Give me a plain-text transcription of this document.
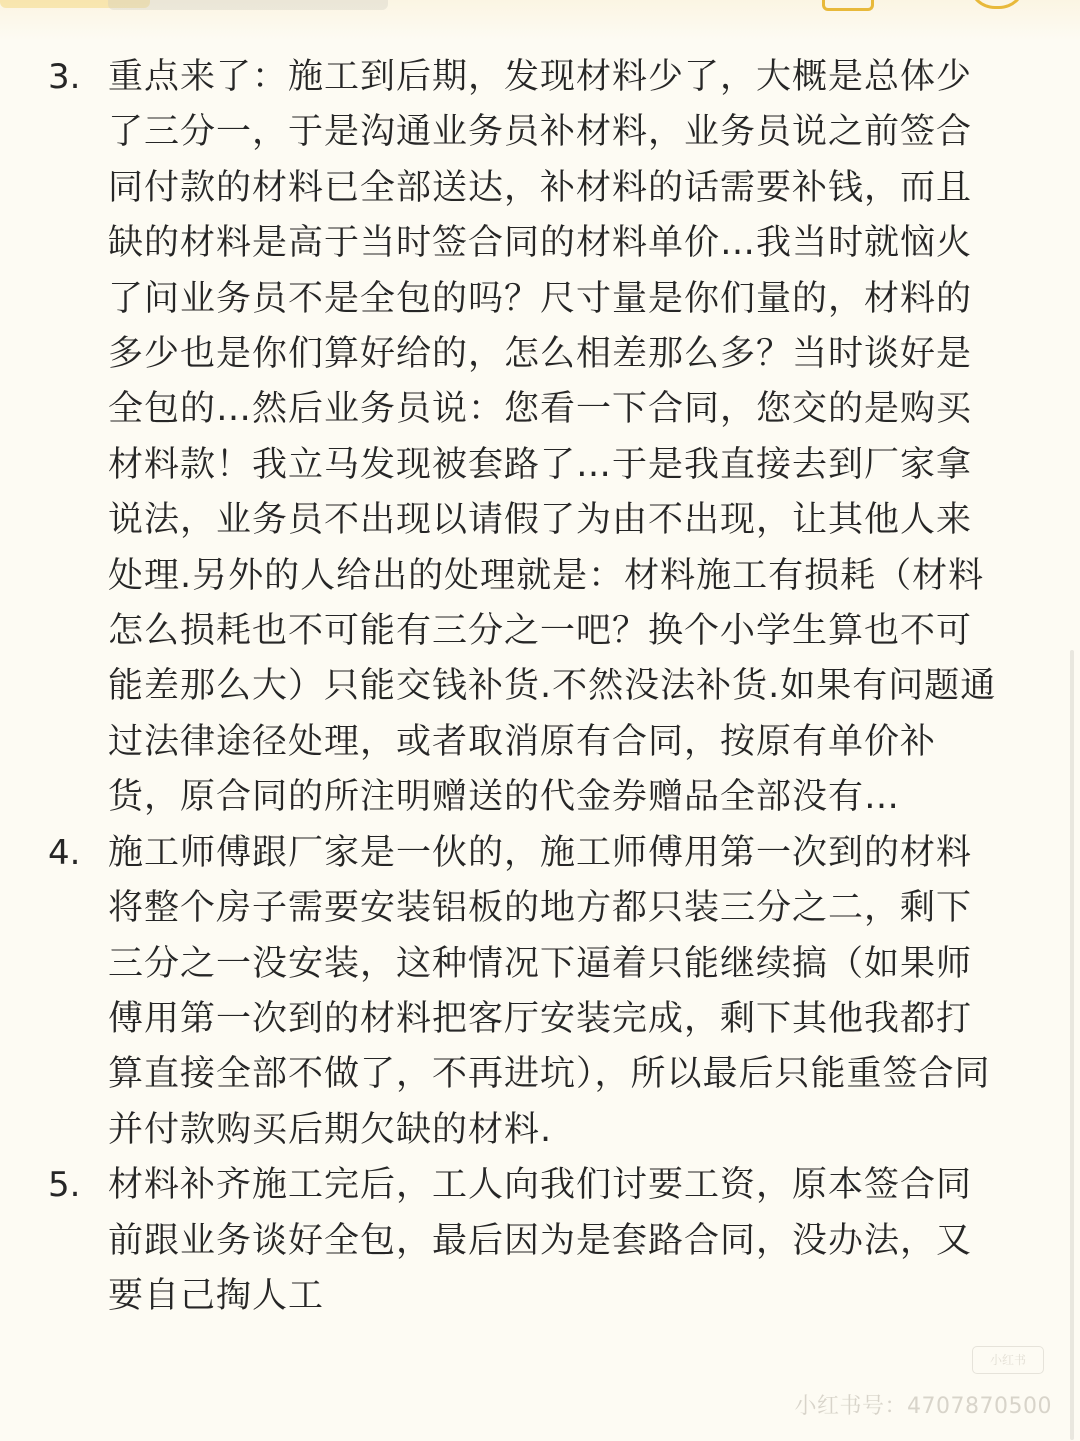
3. 重点来了：施工到后期，发现材料少了，大概是总体少了三分一，于是沟通业务员补材料，业务员说之前签合同付款的材料已全部送达，补材料的话需要补钱，而且缺的材料是高于当时签合同的材料单价…我当时就恼火了问业务员不是全包的吗？尺寸量是你们量的，材料的多少也是你们算好给的，怎么相差那么多？当时谈好是全包的…然后业务员说：您看一下合同，您交的是购买材料款！我立马发现被套路了…于是我直接去到厂家拿说法，业务员不出现以请假了为由不出现，让其他人来处理.另外的人给出的处理就是：材料施工有损耗（材料怎么损耗也不可能有三分之一吧？换个小学生算也不可能差那么大）只能交钱补货.不然没法补货.如果有问题通过法律途径处理，或者取消原有合同，按原有单价补货，原合同的所注明赠送的代金券赠品全部没有…
4. 施工师傅跟厂家是一伙的，施工师傅用第一次到的材料将整个房子需要安装铝板的地方都只装三分之二，剩下三分之一没安装，这种情况下逼着只能继续搞（如果师傅用第一次到的材料把客厅安装完成，剩下其他我都打算直接全部不做了，不再进坑），所以最后只能重签合同并付款购买后期欠缺的材料.
5. 材料补齐施工完后，工人向我们讨要工资，原本签合同前跟业务谈好全包，最后因为是套路合同，没办法，又要自己掏人工
小红书
小红书号：4707870500
